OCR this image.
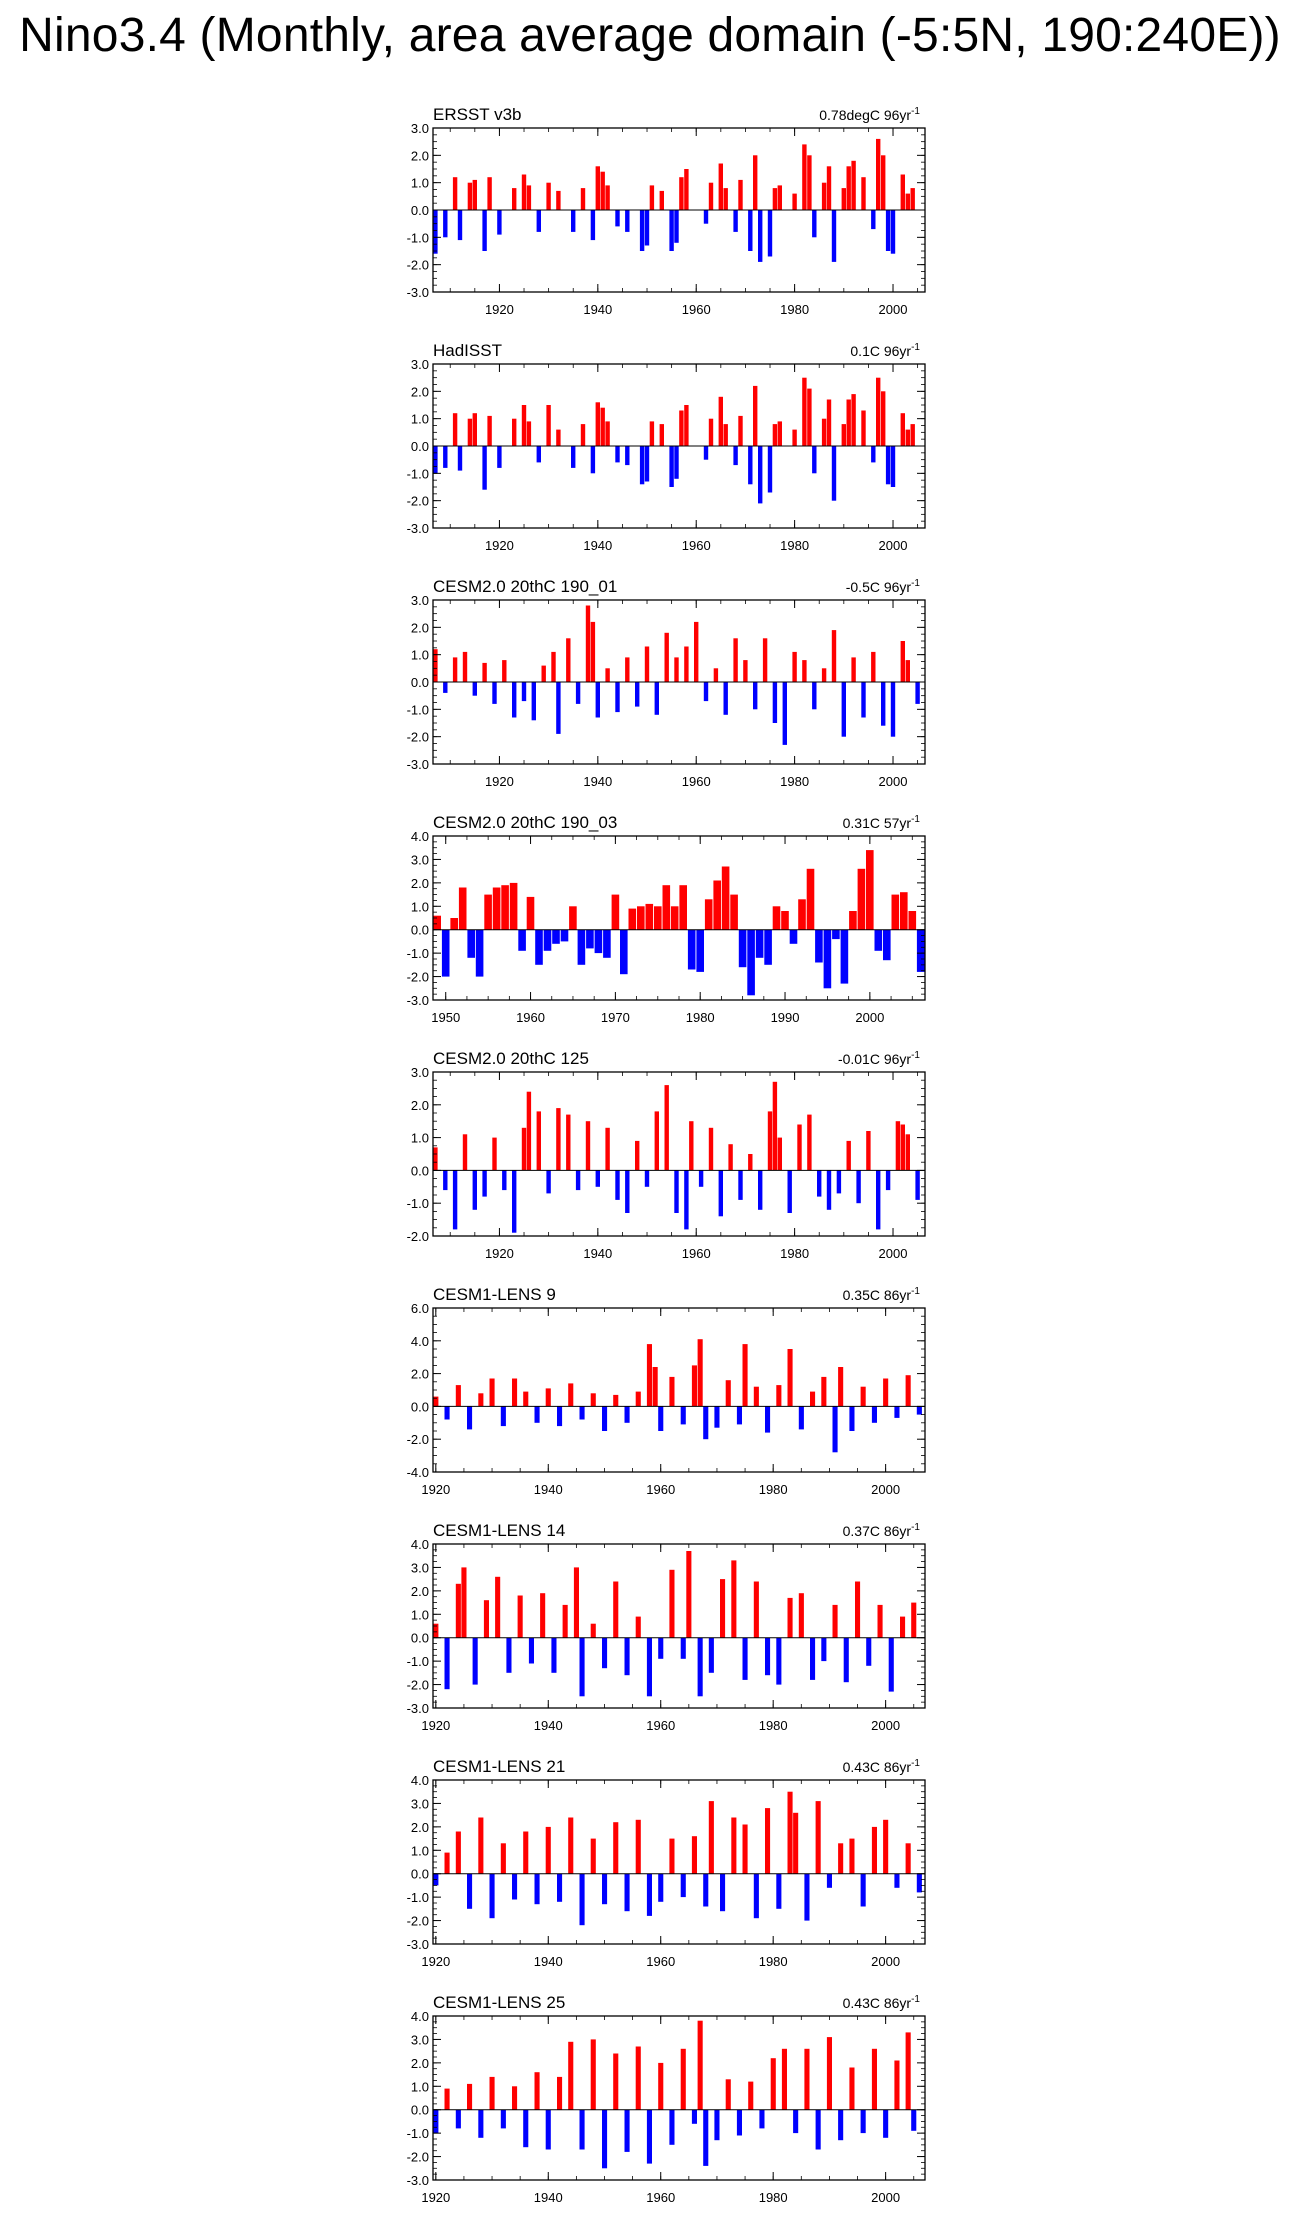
Nino3.4 (Monthly, area average domain (-5:5N, 190:240E))
ERSST v3b	0.78degC $96yr^{-1}$
3.0
2.0
1.0
0.0
-1.0
-2.0
-3.0
1920	1940	1960	1980	2000
HadISST	0.1C $96yr^{-1}$
3.0
2.0
1.0
0.0
-1.0
-2.0
-3.0
1920	1940	1960	1980	2000
CESM2.0 20thC 190_01	-0.5C $96yr^{-1}$
3.0
2.0
1.0
0.0
-1.0
-2.0
-3.0
1920	1940	1960	1980	2000
CESM2.0 20thC 190_03	0.31C $57yr^{-1}$
4.0
3.0
2.0
1.0
0.0
-1.0
-2.0
-3.0
1950	1960	1970	1980	1990	2000
CESM2.0 20thC 125	-0.01C $96yr^{-1}$
3.0
2.0
1.0
0.0
-1.0
-2.0
1920	1940	1960	1980	2000
CESM1-LENS 9	0.35C $86yr^{-1}$
6.0
4.0
2.0
0.0
-2.0
-4.0
1920	1940	1960	1980	2000
CESM1-LENS 14	0.37C $86yr^{-1}$
4.0
3.0
2.0
1.0
0.0
-1.0
-2.0
-3.0
1920	1940	1960	1980	2000
CESM1-LENS 21	0.43C $86yr^{-1}$
4.0
3.0
2.0
1.0
0.0
-1.0
-2.0
-3.0
1920	1940	1960	1980	2000
CESM1-LENS 25	0.43C $86yr^{-1}$
4.0
3.0
2.0
1.0
0.0
-1.0
-2.0
-3.0
1920	1940	1960	1980	2000
